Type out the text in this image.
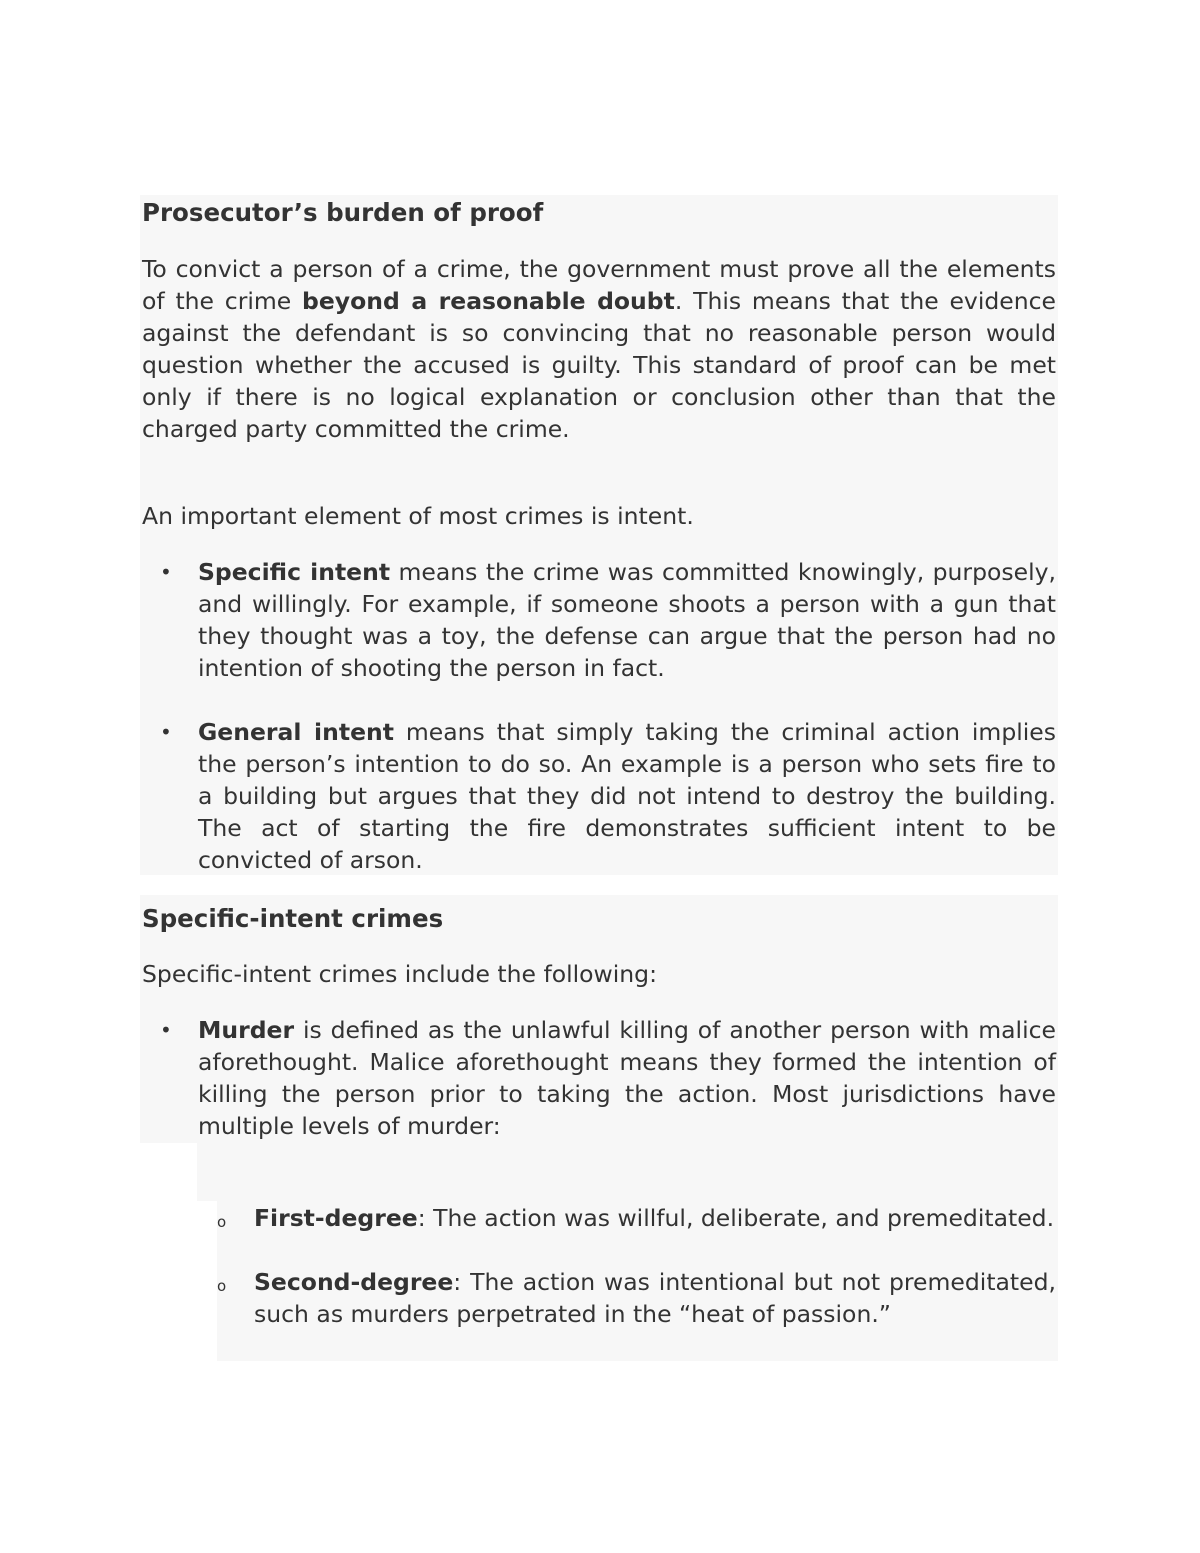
Prosecutor’s burden of proof

To convict a person of a crime, the government must prove all the elements of the crime beyond a reasonable doubt. This means that the evidence against the defendant is so convincing that no reasonable person would question whether the accused is guilty. This standard of proof can be met only if there is no logical explanation or conclusion other than that the charged party committed the crime.

An important element of most crimes is intent.

• Specific intent means the crime was committed knowingly, purposely, and willingly. For example, if someone shoots a person with a gun that they thought was a toy, the defense can argue that the person had no intention of shooting the person in fact.

• General intent means that simply taking the criminal action implies the person’s intention to do so. An example is a person who sets fire to a building but argues that they did not intend to destroy the building. The act of starting the fire demonstrates sufficient intent to be convicted of arson.

Specific-intent crimes

Specific-intent crimes include the following:

• Murder is defined as the unlawful killing of another person with malice aforethought. Malice aforethought means they formed the intention of killing the person prior to taking the action. Most jurisdictions have multiple levels of murder:

o First-degree: The action was willful, deliberate, and premeditated.

o Second-degree: The action was intentional but not premeditated, such as murders perpetrated in the “heat of passion.”
